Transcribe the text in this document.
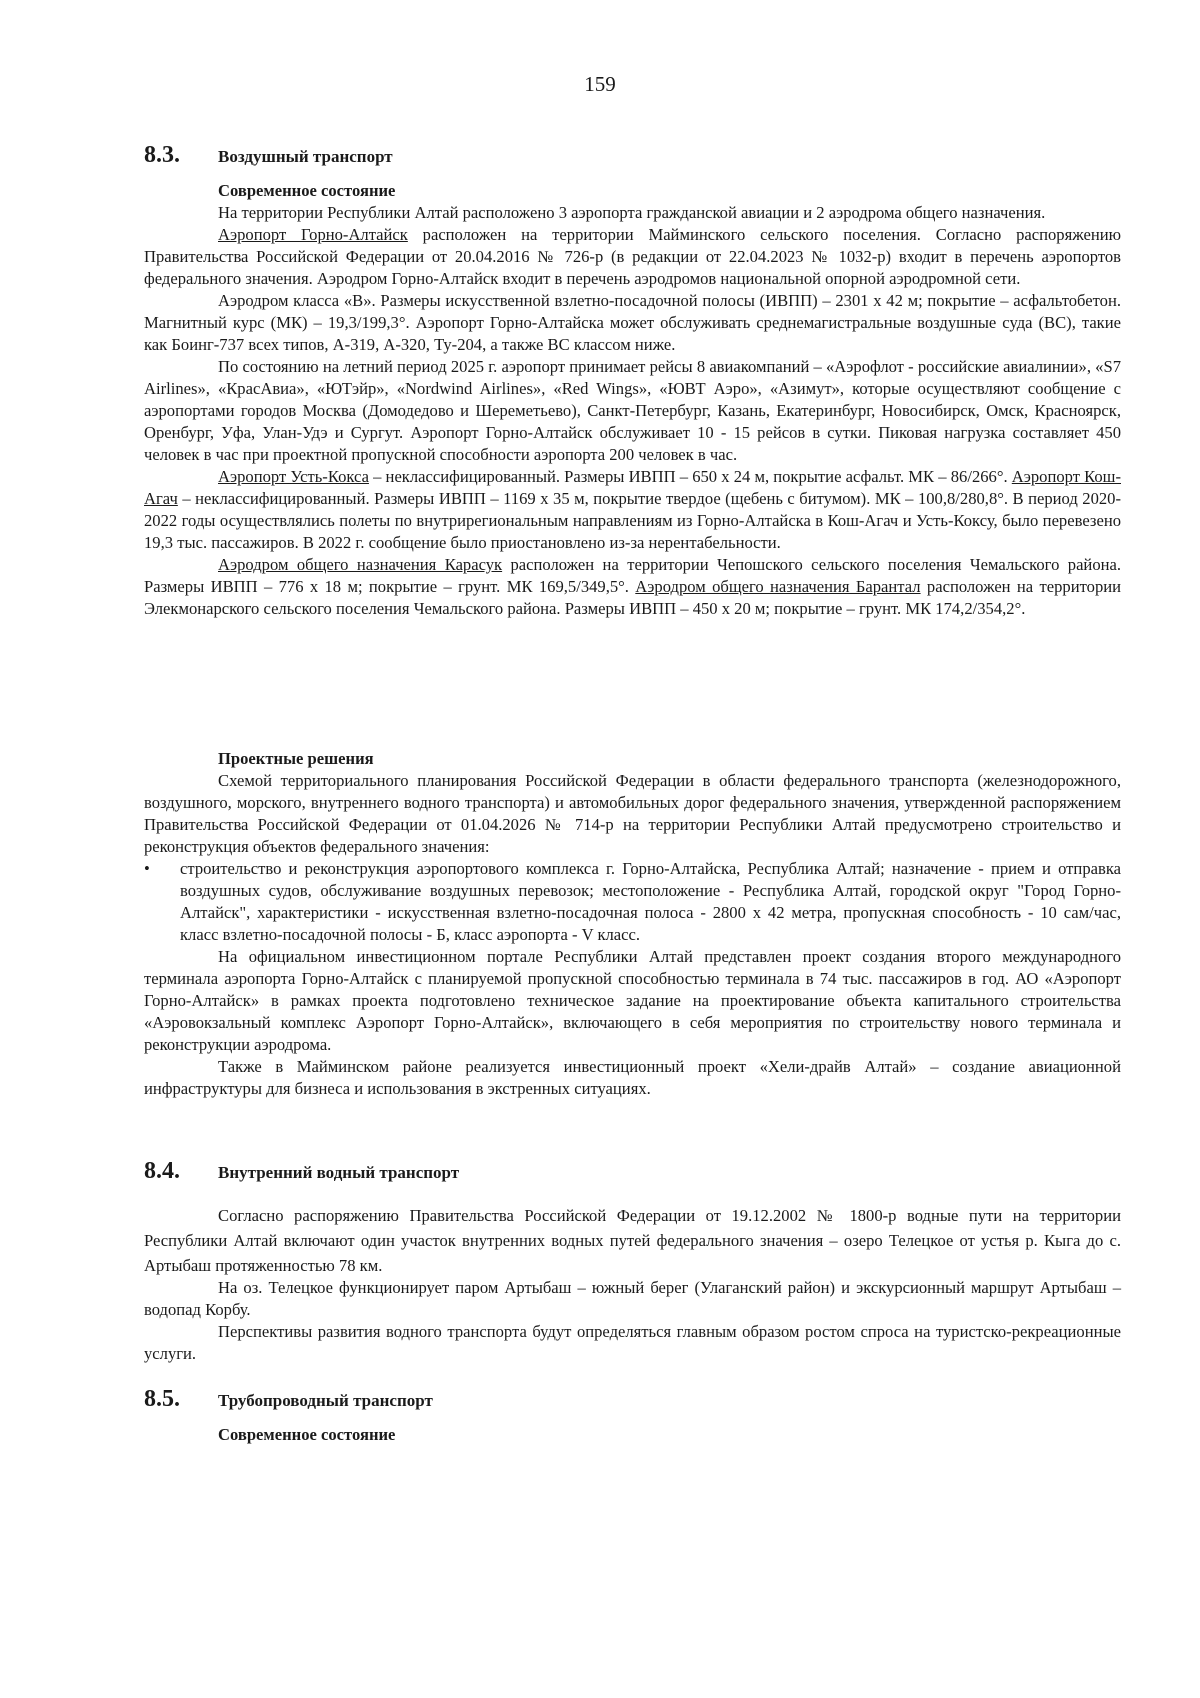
159
8.3.	Воздушный транспорт
Современное состояние

На территории Республики Алтай расположено 3 аэропорта гражданской авиации и 2 аэродрома общего назначения.

Аэропорт Горно-Алтайск расположен на территории Майминского сельского поселения. Согласно распоряжению Правительства Российской Федерации от 20.04.2016 № 726-р (в редакции от 22.04.2023 № 1032-р) входит в перечень аэропортов федерального значения. Аэродром Горно-Алтайск входит в перечень аэродромов национальной опорной аэродромной сети.

Аэродром класса «В». Размеры искусственной взлетно-посадочной полосы (ИВПП) – 2301 х 42 м; покрытие – асфальтобетон. Магнитный курс (МК) – 19,3/199,3°. Аэропорт Горно-Алтайска может обслуживать среднемагистральные воздушные суда (ВС), такие как Боинг-737 всех типов, А-319, А-320, Ту-204, а также ВС классом ниже.

По состоянию на летний период 2025 г. аэропорт принимает рейсы 8 авиакомпаний – «Аэрофлот - российские авиалинии», «S7 Airlines», «КрасАвиа», «ЮТэйр», «Nordwind Airlines», «Red Wings», «ЮВТ Аэро», «Азимут», которые осуществляют сообщение с аэропортами городов Москва (Домодедово и Шереметьево), Санкт-Петербург, Казань, Екатеринбург, Новосибирск, Омск, Красноярск, Оренбург, Уфа, Улан-Удэ и Сургут. Аэропорт Горно-Алтайск обслуживает 10 - 15 рейсов в сутки. Пиковая нагрузка составляет 450 человек в час при проектной пропускной способности аэропорта 200 человек в час.

Аэропорт Усть-Кокса – неклассифицированный. Размеры ИВПП – 650 х 24 м, покрытие асфальт. МК – 86/266°. Аэропорт Кош-Агач – неклассифицированный. Размеры ИВПП – 1169 х 35 м, покрытие твердое (щебень с битумом). МК – 100,8/280,8°. В период 2020-2022 годы осуществлялись полеты по внутрирегиональным направлениям из Горно-Алтайска в Кош-Агач и Усть-Коксу, было перевезено 19,3 тыс. пассажиров. В 2022 г. сообщение было приостановлено из-за нерентабельности.

Аэродром общего назначения Карасук расположен на территории Чепошского сельского поселения Чемальского района. Размеры ИВПП – 776 х 18 м; покрытие – грунт. МК 169,5/349,5°. Аэродром общего назначения Барантал расположен на территории Элекмонарского сельского поселения Чемальского района. Размеры ИВПП – 450 х 20 м; покрытие – грунт. МК 174,2/354,2°.

Проектные решения

Схемой территориального планирования Российской Федерации в области федерального транспорта (железнодорожного, воздушного, морского, внутреннего водного транспорта) и автомобильных дорог федерального значения, утвержденной распоряжением Правительства Российской Федерации от 01.04.2026 № 714-р на территории Республики Алтай предусмотрено строительство и реконструкция объектов федерального значения:

•	строительство и реконструкция аэропортового комплекса г. Горно-Алтайска, Республика Алтай; назначение - прием и отправка воздушных судов, обслуживание воздушных перевозок; местоположение - Республика Алтай, городской округ "Город Горно-Алтайск", характеристики - искусственная взлетно-посадочная полоса - 2800 х 42 метра, пропускная способность - 10 сам/час, класс взлетно-посадочной полосы - Б, класс аэропорта - V класс.

На официальном инвестиционном портале Республики Алтай представлен проект создания второго международного терминала аэропорта Горно-Алтайск с планируемой пропускной способностью терминала в 74 тыс. пассажиров в год. АО «Аэропорт Горно-Алтайск» в рамках проекта подготовлено техническое задание на проектирование объекта капитального строительства «Аэровокзальный комплекс Аэропорт Горно-Алтайск», включающего в себя мероприятия по строительству нового терминала и реконструкции аэродрома.

Также в Майминском районе реализуется инвестиционный проект «Хели-драйв Алтай» – создание авиационной инфраструктуры для бизнеса и использования в экстренных ситуациях.

8.4.	Внутренний водный транспорт

Согласно распоряжению Правительства Российской Федерации от 19.12.2002 № 1800-р водные пути на территории Республики Алтай включают один участок внутренних водных путей федерального значения – озеро Телецкое от устья р. Кыга до с. Артыбаш протяженностью 78 км.

На оз. Телецкое функционирует паром Артыбаш – южный берег (Улаганский район) и экскурсионный маршрут Артыбаш – водопад Корбу.

Перспективы развития водного транспорта будут определяться главным образом ростом спроса на туристско-рекреационные услуги.

8.5.	Трубопроводный транспорт
Современное состояние
